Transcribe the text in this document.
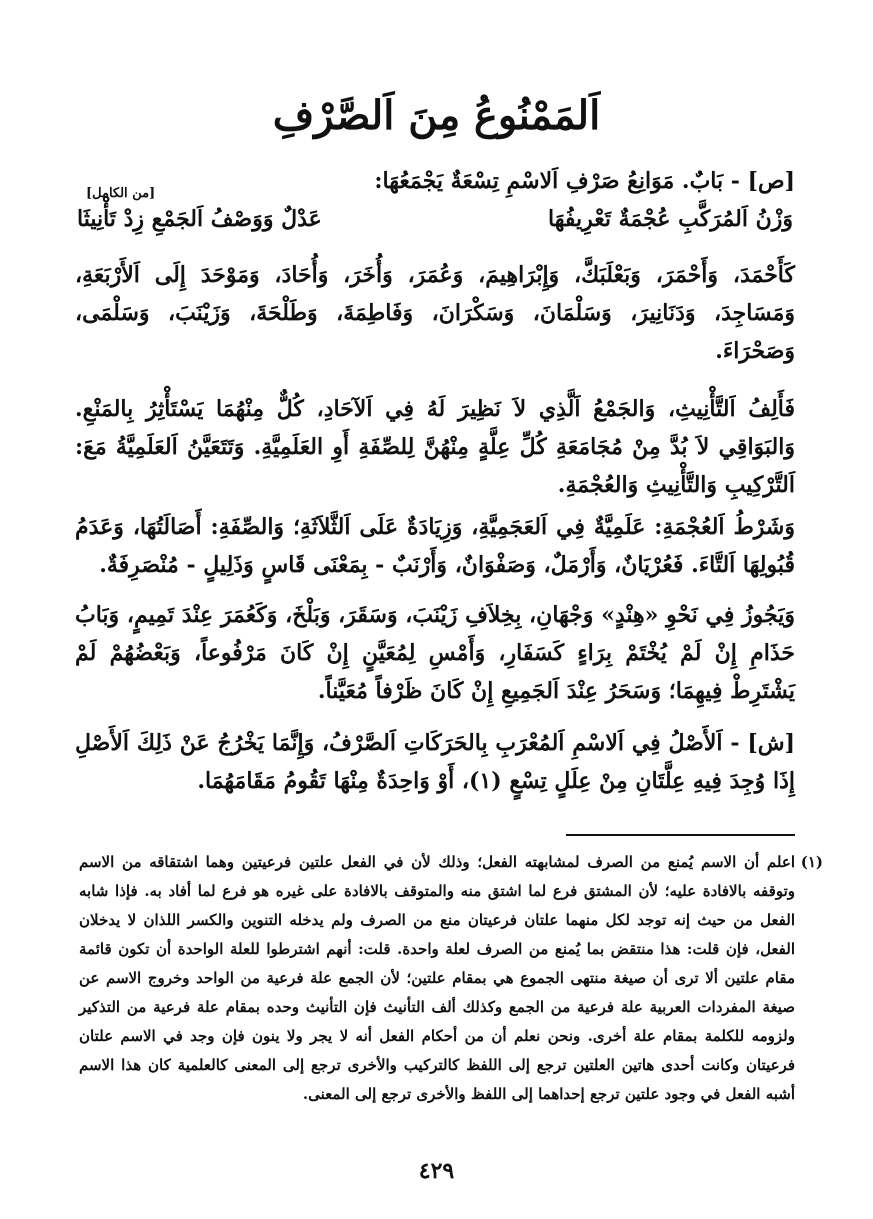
اَلمَمْنُوعُ مِنَ اَلصَّرْفِ
[ص] - بَابٌ. مَوَانِعُ صَرْفِ اَلاسْمِ تِسْعَةٌ يَجْمَعُهَا:
[من الكامل]
وَزْنُ اَلمُرَكَّبِ عُجْمَةٌ تَعْرِيفُهَا
عَدْلٌ وَوَصْفُ اَلجَمْعِ زِدْ تَأْنِيثَا
كَأَحْمَدَ، وَأَحْمَرَ، وَبَعْلَبَكَّ، وَإِبْرَاهِيمَ، وَعُمَرَ، وَأُخَرَ، وَأُحَادَ، وَمَوْحَدَ إِلَى اَلأَرْبَعَةِ، وَمَسَاجِدَ، وَدَنَانِيرَ، وَسَلْمَانَ، وَسَكْرَانَ، وَفَاطِمَةَ، وَطَلْحَةَ، وَزَيْنَبَ، وَسَلْمَى، وَصَحْرَاءَ.
فَأَلِفُ اَلتَّأْنِيثِ، وَالجَمْعُ اَلَّذِي لاَ نَظِيرَ لَهُ فِي اَلآحَادِ، كُلٌّ مِنْهُمَا يَسْتَأْثِرُ بِالمَنْعِ. وَالبَوَاقِي لاَ بُدَّ مِنْ مُجَامَعَةِ كُلِّ عِلَّةٍ مِنْهُنَّ لِلصِّفَةِ أَوِ العَلَمِيَّةِ. وَتَتَعَيَّنُ اَلعَلَمِيَّةُ مَعَ: اَلتَّرْكِيبِ وَالتَّأْنِيثِ وَالعُجْمَةِ.
وَشَرْطُ اَلعُجْمَةِ: عَلَمِيَّةٌ فِي اَلعَجَمِيَّةِ، وَزِيَادَةٌ عَلَى اَلثَّلاَثَةِ؛ وَالصِّفَةِ: أَصَالَتُهَا، وَعَدَمُ قُبُولِهَا اَلتَّاءَ. فَعُرْيَانٌ، وَأَرْمَلٌ، وَصَفْوَانٌ، وَأَرْنَبٌ - بِمَعْنَى قَاسٍ وَذَلِيلٍ - مُنْصَرِفَةٌ.
وَيَجُوزُ فِي نَحْوِ «هِنْدٍ» وَجْهَانِ، بِخِلاَفِ زَيْنَبَ، وَسَقَرَ، وَبَلْخَ، وَكَعُمَرَ عِنْدَ تَمِيمٍ، وَبَابُ حَذَامِ إِنْ لَمْ يُخْتَمْ بِرَاءٍ كَسَفَارِ، وَأَمْسِ لِمُعَيَّنٍ إِنْ كَانَ مَرْفُوعاً، وَبَعْضُهُمْ لَمْ يَشْتَرِطْ فِيهِمَا؛ وَسَحَرُ عِنْدَ اَلجَمِيعِ إِنْ كَانَ ظَرْفاً مُعَيَّناً.
[ش] - اَلأَصْلُ فِي اَلاسْمِ اَلمُعْرَبِ بِالحَرَكَاتِ اَلصَّرْفُ، وَإِنَّمَا يَخْرُجُ عَنْ ذَلِكَ اَلأَصْلِ إِذَا وُجِدَ فِيهِ عِلَّتَانِ مِنْ عِلَلٍ تِسْعٍ (١)، أَوْ وَاحِدَةٌ مِنْهَا تَقُومُ مَقَامَهُمَا.
(١)
اعلم أن الاسم يُمنع من الصرف لمشابهته الفعل؛ وذلك لأن في الفعل علتين فرعيتين وهما اشتقاقه من الاسم وتوقفه بالافادة عليه؛ لأن المشتق فرع لما اشتق منه والمتوقف بالافادة على غيره هو فرع لما أفاد به. فإذا شابه الفعل من حيث إنه توجد لكل منهما علتان فرعيتان منع من الصرف ولم يدخله التنوين والكسر اللذان لا يدخلان الفعل، فإن قلت: هذا منتقض بما يُمنع من الصرف لعلة واحدة. قلت: أنهم اشترطوا للعلة الواحدة أن تكون قائمة مقام علتين ألا ترى أن صيغة منتهى الجموع هي بمقام علتين؛ لأن الجمع علة فرعية من الواحد وخروج الاسم عن صيغة المفردات العربية علة فرعية من الجمع وكذلك ألف التأنيث فإن التأنيث وحده بمقام علة فرعية من التذكير ولزومه للكلمة بمقام علة أخرى. ونحن نعلم أن من أحكام الفعل أنه لا يجر ولا ينون فإن وجد في الاسم علتان فرعيتان وكانت أحدى هاتين العلتين ترجع إلى اللفظ كالتركيب والأخرى ترجع إلى المعنى كالعلمية كان هذا الاسم أشبه الفعل في وجود علتين ترجع إحداهما إلى اللفظ والأخرى ترجع إلى المعنى.
٤٢٩
